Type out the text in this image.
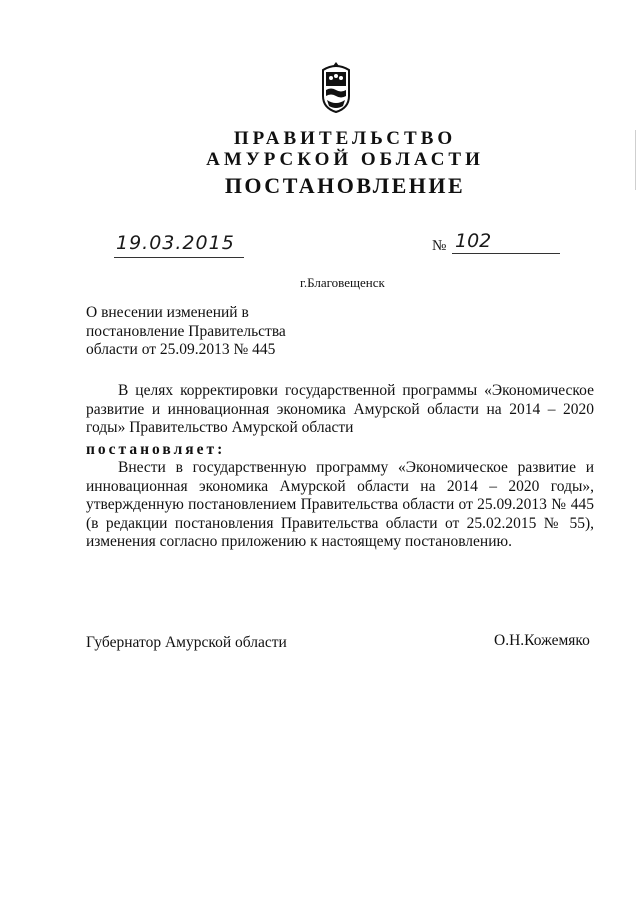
ПРАВИТЕЛЬСТВО
АМУРСКОЙ ОБЛАСТИ
ПОСТАНОВЛЕНИЕ
19.03.2015	№ 102
г.Благовещенск
О внесении изменений в
постановление Правительства
области от 25.09.2013 № 445
В целях корректировки государственной программы «Экономическое развитие и инновационная экономика Амурской области на 2014 – 2020 годы» Правительство Амурской области
постановляет:
Внести в государственную программу «Экономическое развитие и инновационная экономика Амурской области на 2014 – 2020 годы», утвержденную постановлением Правительства области от 25.09.2013 № 445 (в редакции постановления Правительства области от 25.02.2015 № 55), изменения согласно приложению к настоящему постановлению.
Губернатор Амурской области	О.Н.Кожемяко
